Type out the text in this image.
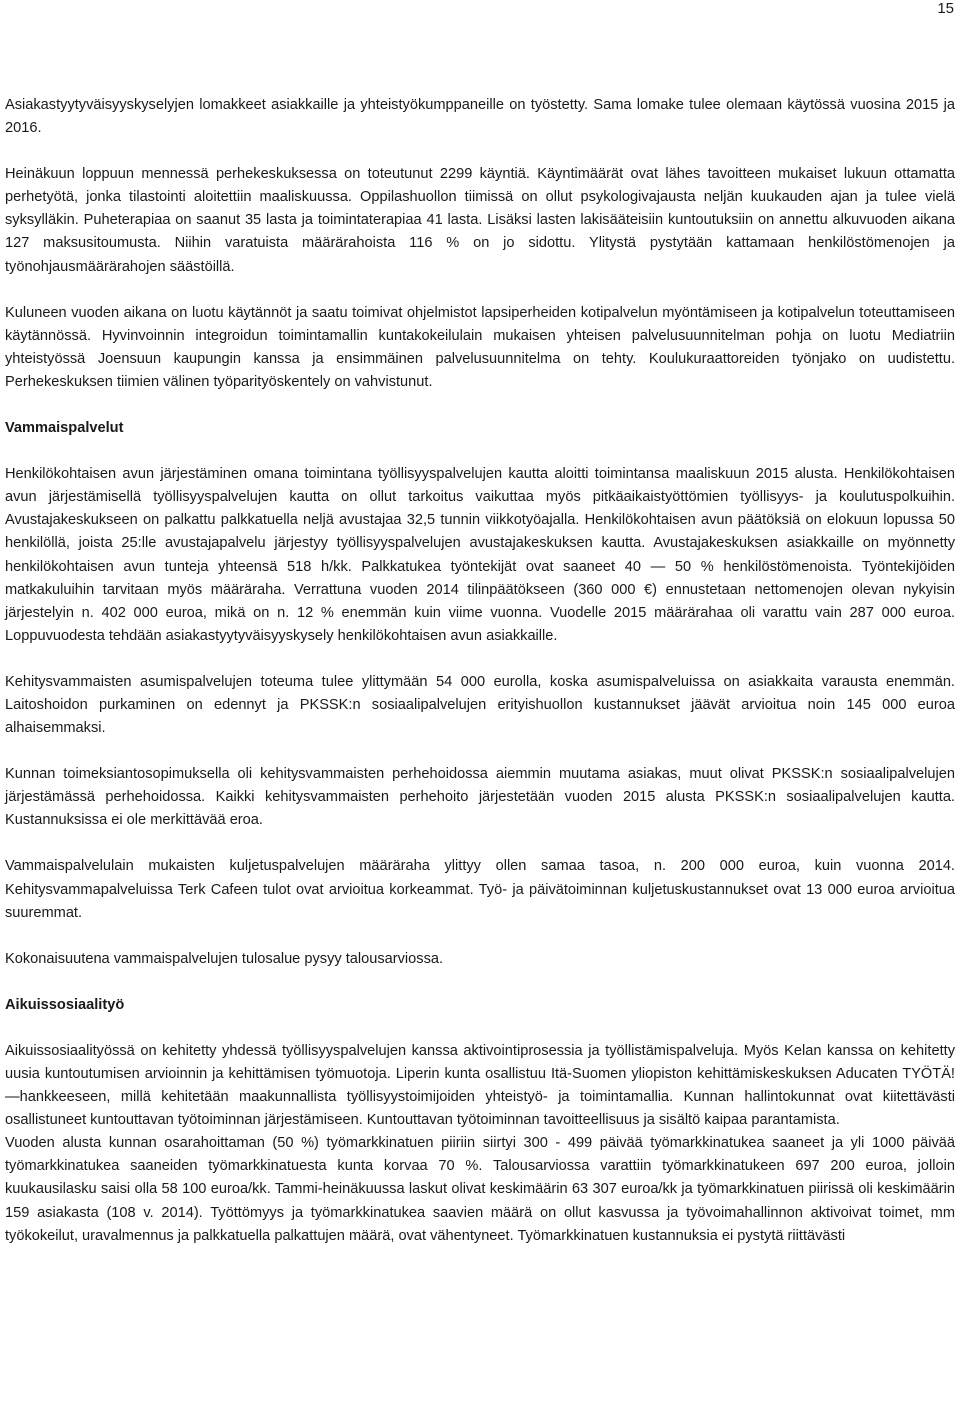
15

Asiakastyytyväisyyskyselyjen lomakkeet asiakkaille ja yhteistyökumppaneille on työstetty. Sama lomake tulee olemaan käytössä vuosina 2015 ja 2016.

Heinäkuun loppuun mennessä perhekeskuksessa on toteutunut 2299 käyntiä. Käyntimäärät ovat lähes tavoitteen mukaiset lukuun ottamatta perhetyötä, jonka tilastointi aloitettiin maaliskuussa. Oppilashuollon tiimissä on ollut psykologivajausta neljän kuukauden ajan ja tulee vielä syksylläkin. Puheterapiaa on saanut 35 lasta ja toimintaterapiaa 41 lasta. Lisäksi lasten lakisääteisiin kuntoutuksiin on annettu alkuvuoden aikana 127 maksusitoumusta. Niihin varatuista määrärahoista 116 % on jo sidottu. Ylitystä pystytään kattamaan henkilöstömenojen ja työnohjausmäärärahojen säästöillä.

Kuluneen vuoden aikana on luotu käytännöt ja saatu toimivat ohjelmistot lapsiperheiden kotipalvelun myöntämiseen ja kotipalvelun toteuttamiseen käytännössä. Hyvinvoinnin integroidun toimintamallin kuntakokeilulain mukaisen yhteisen palvelusuunnitelman pohja on luotu Mediatriin yhteistyössä Joensuun kaupungin kanssa ja ensimmäinen palvelusuunnitelma on tehty. Koulukuraattoreiden työnjako on uudistettu. Perhekeskuksen tiimien välinen työparityöskentely on vahvistunut.

Vammaispalvelut

Henkilökohtaisen avun järjestäminen omana toimintana työllisyyspalvelujen kautta aloitti toimintansa maaliskuun 2015 alusta. Henkilökohtaisen avun järjestämisellä työllisyyspalvelujen kautta on ollut tarkoitus vaikuttaa myös pitkäaikaistyöttömien työllisyys- ja koulutuspolkuihin. Avustajakeskukseen on palkattu palkkatuella neljä avustajaa 32,5 tunnin viikkotyöajalla. Henkilökohtaisen avun päätöksiä on elokuun lopussa 50 henkilöllä, joista 25:lle avustajapalvelu järjestyy työllisyyspalvelujen avustajakeskuksen kautta. Avustajakeskuksen asiakkaille on myönnetty henkilökohtaisen avun tunteja yhteensä 518 h/kk. Palkkatukea työntekijät ovat saaneet 40 — 50 % henkilöstömenoista. Työntekijöiden matkakuluihin tarvitaan myös määräraha. Verrattuna vuoden 2014 tilinpäätökseen (360 000 €) ennustetaan nettomenojen olevan nykyisin järjestelyin n. 402 000 euroa, mikä on n. 12 % enemmän kuin viime vuonna. Vuodelle 2015 määrärahaa oli varattu vain 287 000 euroa. Loppuvuodesta tehdään asiakastyytyväisyyskysely henkilökohtaisen avun asiakkaille.

Kehitysvammaisten asumispalvelujen toteuma tulee ylittymään 54 000 eurolla, koska asumispalveluissa on asiakkaita varausta enemmän. Laitoshoidon purkaminen on edennyt ja PKSSK:n sosiaalipalvelujen erityishuollon kustannukset jäävät arvioitua noin 145 000 euroa alhaisemmaksi.

Kunnan toimeksiantosopimuksella oli kehitysvammaisten perhehoidossa aiemmin muutama asiakas, muut olivat PKSSK:n sosiaalipalvelujen järjestämässä perhehoidossa. Kaikki kehitysvammaisten perhehoito järjestetään vuoden 2015 alusta PKSSK:n sosiaalipalvelujen kautta. Kustannuksissa ei ole merkittävää eroa.

Vammaispalvelulain mukaisten kuljetuspalvelujen määräraha ylittyy ollen samaa tasoa, n. 200 000 euroa, kuin vuonna 2014. Kehitysvammapalveluissa Terk Cafeen tulot ovat arvioitua korkeammat. Työ- ja päivätoiminnan kuljetuskustannukset ovat 13 000 euroa arvioitua suuremmat.

Kokonaisuutena vammaispalvelujen tulosalue pysyy talousarviossa.

Aikuissosiaalityö

Aikuissosiaalityössä on kehitetty yhdessä työllisyyspalvelujen kanssa aktivointiprosessia ja työllistämispalveluja. Myös Kelan kanssa on kehitetty uusia kuntoutumisen arvioinnin ja kehittämisen työmuotoja. Liperin kunta osallistuu Itä-Suomen yliopiston kehittämiskeskuksen Aducaten TYÖTÄ! —hankkeeseen, millä kehitetään maakunnallista työllisyystoimijoiden yhteistyö- ja toimintamallia. Kunnan hallintokunnat ovat kiitettävästi osallistuneet kuntouttavan työtoiminnan järjestämiseen. Kuntouttavan työtoiminnan tavoitteellisuus ja sisältö kaipaa parantamista.

Vuoden alusta kunnan osarahoittaman (50 %) työmarkkinatuen piiriin siirtyi 300 - 499 päivää työmarkkinatukea saaneet ja yli 1000 päivää työmarkkinatukea saaneiden työmarkkinatuesta kunta korvaa 70 %. Talousarviossa varattiin työmarkkinatukeen 697 200 euroa, jolloin kuukausilasku saisi olla 58 100 euroa/kk. Tammi-heinäkuussa laskut olivat keskimäärin 63 307 euroa/kk ja työmarkkinatuen piirissä oli keskimäärin 159 asiakasta (108 v. 2014). Työttömyys ja työmarkkinatukea saavien määrä on ollut kasvussa ja työvoimahallinnon aktivoivat toimet, mm työkokeilut, uravalmennus ja palkkatuella palkattujen määrä, ovat vähentyneet. Työmarkkinatuen kustannuksia ei pystytä riittävästi
